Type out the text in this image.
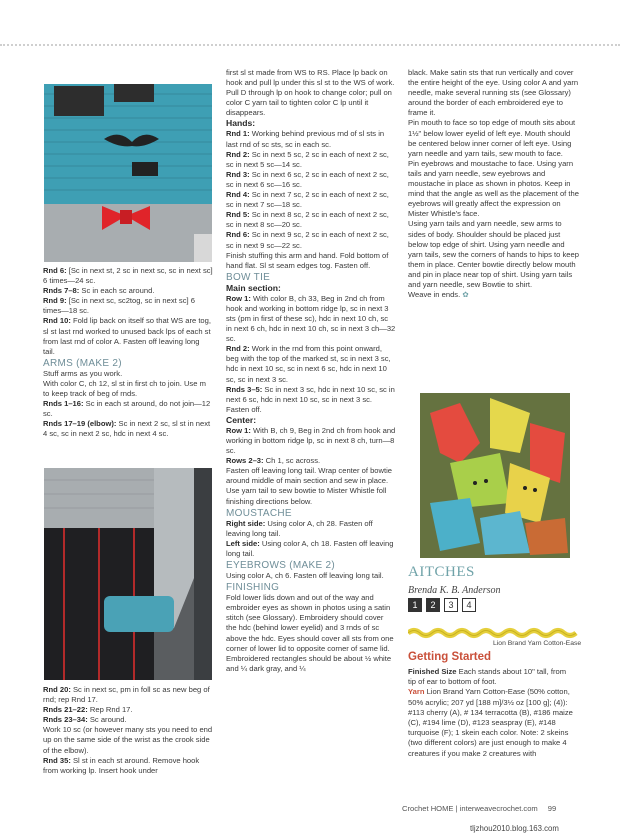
Rnd 6: [Sc in next st, 2 sc in next sc, sc in next sc] 6 times—24 sc.

Rnds 7–8: Sc in each sc around.

Rnd 9: [Sc in next sc, sc2tog, sc in next sc] 6 times—18 sc.

Rnd 10: Fold lip back on itself so that WS are tog, sl st last rnd worked to unused back lps of each st from last rnd of color A. Fasten off leaving long tail.

ARMS (MAKE 2)

Stuff arms as you work.

With color C, ch 12, sl st in first ch to join. Use m to keep track of beg of rnds.

Rnds 1–16: Sc in each st around, do not join—12 sc.

Rnds 17–19 (elbow): Sc in next 2 sc, sl st in next 4 sc, sc in next 2 sc, hdc in next 4 sc.

Rnd 20: Sc in next sc, pm in foll sc as new beg of rnd; rep Rnd 17.

Rnds 21–22: Rep Rnd 17.

Rnds 23–34: Sc around.

Work 10 sc (or however many sts you need to end up on the same side of the wrist as the crook side of the elbow).

Rnd 35: Sl st in each st around. Remove hook from working lp. Insert hook under

first sl st made from WS to RS. Place lp back on hook and pull lp under this sl st to the WS of work. Pull D through lp on hook to change color; pull on color C yarn tail to tighten color C lp until it disappears.

Hands:

Rnd 1: Working behind previous rnd of sl sts in last rnd of sc sts, sc in each sc.

Rnd 2: Sc in next 5 sc, 2 sc in each of next 2 sc, sc in next 5 sc—14 sc.

Rnd 3: Sc in next 6 sc, 2 sc in each of next 2 sc, sc in next 6 sc—16 sc.

Rnd 4: Sc in next 7 sc, 2 sc in each of next 2 sc, sc in next 7 sc—18 sc.

Rnd 5: Sc in next 8 sc, 2 sc in each of next 2 sc, sc in next 8 sc—20 sc.

Rnd 6: Sc in next 9 sc, 2 sc in each of next 2 sc, sc in next 9 sc—22 sc.

Finish stuffing this arm and hand. Fold bottom of hand flat. Sl st seam edges tog. Fasten off.

BOW TIE
Main section:

Row 1: With color B, ch 33, Beg in 2nd ch from hook and working in bottom ridge lp, sc in next 3 sts (pm in first of these sc), hdc in next 10 ch, sc in next 6 ch, hdc in next 10 ch, sc in next 3 ch—32 sc.

Rnd 2: Work in the rnd from this point onward, beg with the top of the marked st, sc in next 3 sc, hdc in next 10 sc, sc in next 6 sc, hdc in next 10 sc, sc in next 3 sc.

Rnds 3–5: Sc in next 3 sc, hdc in next 10 sc, sc in next 6 sc, hdc in next 10 sc, sc in next 3 sc. Fasten off.

Center:

Row 1: With B, ch 9, Beg in 2nd ch from hook and working in bottom ridge lp, sc in next 8 ch, turn—8 sc.

Rows 2–3: Ch 1, sc across.

Fasten off leaving long tail. Wrap center of bowtie around middle of main section and sew in place. Use yarn tail to sew bowtie to Mister Whistle foll finishing directions below.

MOUSTACHE

Right side: Using color A, ch 28. Fasten off leaving long tail.

Left side: Using color A, ch 18. Fasten off leaving long tail.

EYEBROWS (MAKE 2)

Using color A, ch 6. Fasten off leaving long tail.

FINISHING

Fold lower lids down and out of the way and embroider eyes as shown in photos using a satin stitch (see Glossary). Embroidery should cover the hdc (behind lower eyelid) and 3 rnds of sc above the hdc. Eyes should cover all sts from one corner of lower lid to opposite corner of same lid. Embroidered rectangles should be about ½ white and ¼ dark gray, and ¼

black. Make satin sts that run vertically and cover the entire height of the eye. Using color A and yarn needle, make several running sts (see Glossary) around the border of each embroidered eye to frame it.

Pin mouth to face so top edge of mouth sits about 1½" below lower eyelid of left eye. Mouth should be centered below inner corner of left eye. Using yarn needle and yarn tails, sew mouth to face.

Pin eyebrows and moustache to face. Using yarn tails and yarn needle, sew eyebrows and moustache in place as shown in photos. Keep in mind that the angle as well as the placement of the eyebrows will greatly affect the expression on Mister Whistle's face.

Using yarn tails and yarn needle, sew arms to sides of body. Shoulder should be placed just below top edge of shirt. Using yarn needle and yarn tails, sew the corners of hands to hips to keep them in place. Center bowtie directly below mouth and pin in place near top of shirt. Using yarn tails and yarn needle, sew Bowtie to shirt.

Weave in ends. ✿

AITCHES
Brenda K. B. Anderson
1	2	3	4
Lion Brand Yarn Cotton-Ease
Getting Started

Finished Size Each stands about 10" tall, from tip of ear to bottom of foot.

Yarn Lion Brand Yarn Cotton-Ease (50% cotton, 50% acrylic; 207 yd [188 m]/3½ oz [100 g]; (4)): #113 cherry (A), # 134 terracotta (B), #186 maize (C), #194 lime (D), #123 seaspray (E), #148 turquoise (F); 1 skein each color. Note: 2 skeins (two different colors) are just enough to make 4 creatures if you make 2 creatures with

Crochet HOME | interweavecrochet.com 99
tljzhou2010.blog.163.com
